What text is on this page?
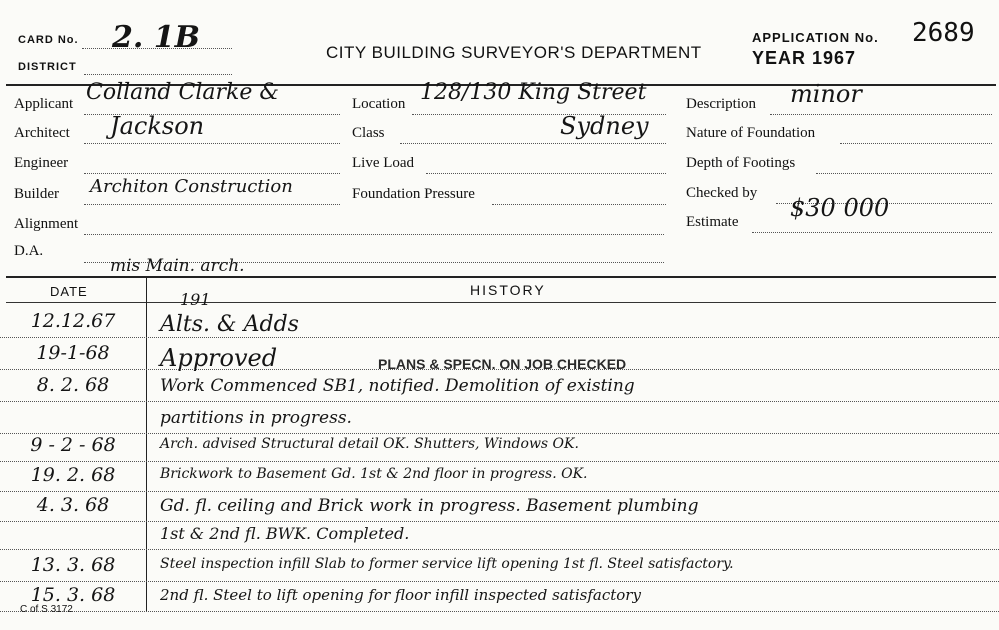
CARD No. 2. 1B
DISTRICT
CITY BUILDING SURVEYOR'S DEPARTMENT
APPLICATION No. 2689
YEAR 1967
Applicant Colland Clarke &
Architect Jackson
Engineer
Builder Architon Construction
Alignment
D.A.
mis Main. arch.
Location 128/130 King Street
Class	Sydney
Live Load
Foundation Pressure
Description minor
Nature of Foundation
Depth of Footings
Checked by
Estimate $30 000
DATE	HISTORY
191
12.12.67	Alts. & Adds
19-1-68	Approved
8. 2. 68	Work Commenced SB1, notified. Demolition of existing
partitions in progress.
9 - 2 - 68	Arch. advised Structural detail OK. Shutters, Windows OK.
19. 2. 68	Brickwork to Basement Gd. 1st & 2nd floor in progress. OK.
4. 3. 68	Gd. fl. ceiling and Brick work in progress. Basement plumbing
1st & 2nd fl. BWK. Completed.
13. 3. 68	Steel inspection infill Slab to former service lift opening 1st fl. Steel satisfactory.
15. 3. 68	2nd fl. Steel to lift opening for floor infill inspected satisfactory
PLANS & SPECN. ON JOB CHECKED
C of S 3172
